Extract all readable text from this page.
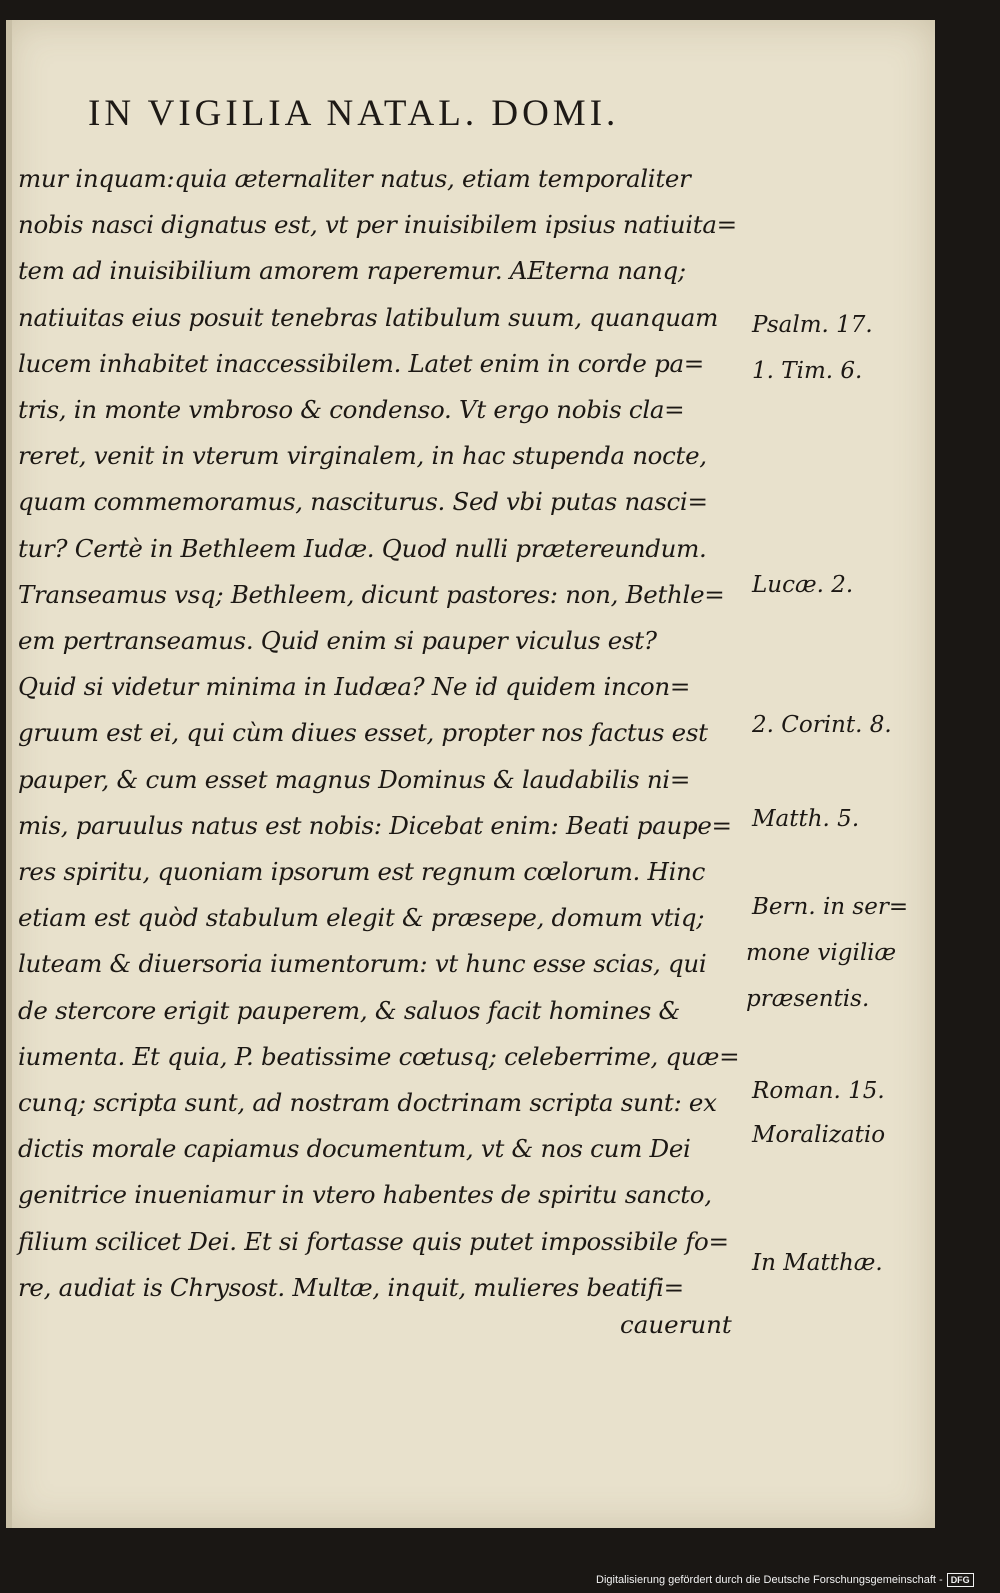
IN VIGILIA NATAL. DOMI.
mur inquam:quia æternaliter natus, etiam temporaliter
nobis nasci dignatus est, vt per inuisibilem ipsius natiuita=
tem ad inuisibilium amorem raperemur. AEterna nanq;
natiuitas eius posuit tenebras latibulum suum, quanquam
lucem inhabitet inaccessibilem. Latet enim in corde pa=
tris, in monte vmbroso & condenso. Vt ergo nobis cla=
reret, venit in vterum virginalem, in hac stupenda nocte,
quam commemoramus, nasciturus. Sed vbi putas nasci=
tur? Certè in Bethleem Iudæ. Quod nulli prætereundum.
Transeamus vsq; Bethleem, dicunt pastores: non, Bethle=
em pertranseamus. Quid enim si pauper viculus est?
Quid si videtur minima in Iudæa? Ne id quidem incon=
gruum est ei, qui cùm diues esset, propter nos factus est
pauper, & cum esset magnus Dominus & laudabilis ni=
mis, paruulus natus est nobis: Dicebat enim: Beati paupe=
res spiritu, quoniam ipsorum est regnum cœlorum. Hinc
etiam est quòd stabulum elegit & præsepe, domum vtiq;
luteam & diuersoria iumentorum: vt hunc esse scias, qui
de stercore erigit pauperem, & saluos facit homines &
iumenta. Et quia, P. beatissime cœtusq; celeberrime, quæ=
cunq; scripta sunt, ad nostram doctrinam scripta sunt: ex
dictis morale capiamus documentum, vt & nos cum Dei
genitrice inueniamur in vtero habentes de spiritu sancto,
filium scilicet Dei. Et si fortasse quis putet impossibile fo=
re, audiat is Chrysost. Multæ, inquit, mulieres beatifi=
cauerunt
Psalm. 17.
1. Tim. 6.
Lucæ. 2.
2. Corint. 8.
Matth. 5.
Bern. in ser=
mone vigiliæ
præsentis.
Roman. 15.
Moralizatio
In Matthæ.
Digitalisierung gefördert durch die Deutsche Forschungsgemeinschaft - DFG
